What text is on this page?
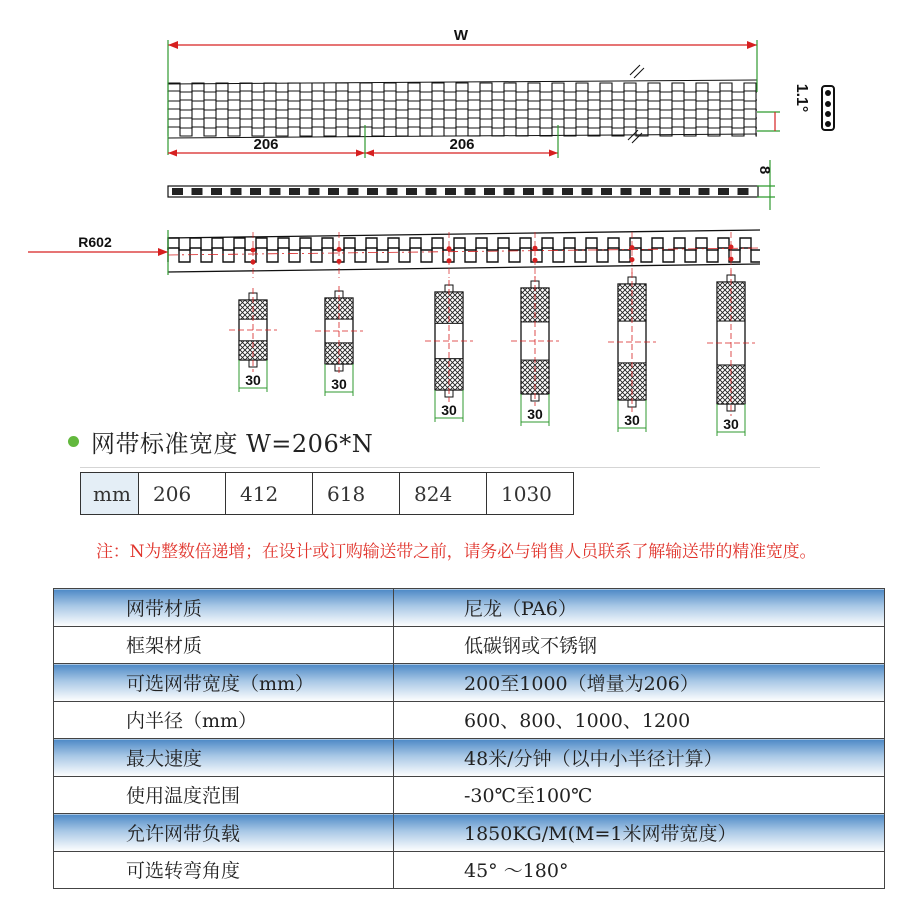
30	30
30	30	30	30
W
206	206
1.1°
8
R602
网带标准宽度 W=206*N
mm	206	412	618	824	1030
注：N为整数倍递增；在设计或订购输送带之前，请务必与销售人员联系了解输送带的精准宽度。
网带材质	尼龙（PA6）
框架材质	低碳钢或不锈钢
可选网带宽度（mm）	200至1000（增量为206）
内半径（mm）	600、800、1000、1200
最大速度	48米/分钟（以中小半径计算）
使用温度范围	-30℃至100℃
允许网带负载	1850KG/M(M=1米网带宽度）
可选转弯角度	45° ～180°
